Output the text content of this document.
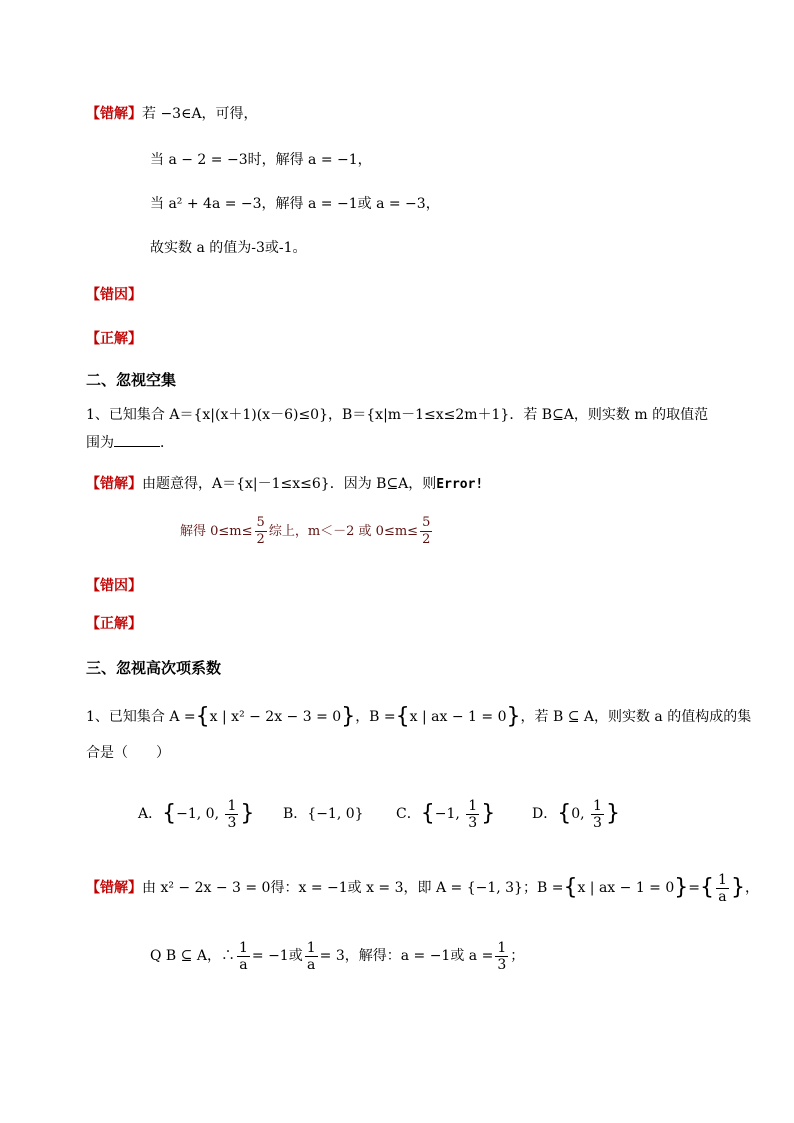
【错解】若 −3∈A，可得，
当 a − 2 = −3时，解得 a = −1，
当 a² + 4a = −3，解得 a = −1或 a = −3，
故实数 a 的值为-3或-1。
【错因】
【正解】
二、忽视空集
1、已知集合 A＝{x|(x＋1)(x－6)≤0}，B＝{x|m－1≤x≤2m＋1}．若 B⊆A，则实数 m 的取值范
围为	．
【错解】由题意得，A＝{x|－1≤x≤6}．因为 B⊆A，则Error!
解得 $0\le m\le \frac{5}{2}$ 综上，m＜－2 或 $0\le m\le \frac{5}{2}$
【错因】
【正解】
三、忽视高次项系数
1、已知集合 A ={x | x² − 2x − 3 = 0}，B ={x | ax − 1 = 0}，若 B ⊆ A，则实数 a 的值构成的集
合是（　　）
A．{−1, 0, $\frac{1}{3}$ } B．{−1, 0} C．{−1, $\frac{1}{3}$ }	D．{0, $\frac{1}{3}$ }
【错解】由 x² − 2x − 3 = 0得：x = −1或 x = 3，即 A = {−1, 3}；B ={x | ax − $1 = 0\}=\{ \frac{1}{a}$ }，
Q B ⊆ A，∴ $\frac{1}{a} = -1$或 $\frac{1}{a} = 3$，解得：a = −1或 $a = \frac{1}{3}$ ；
